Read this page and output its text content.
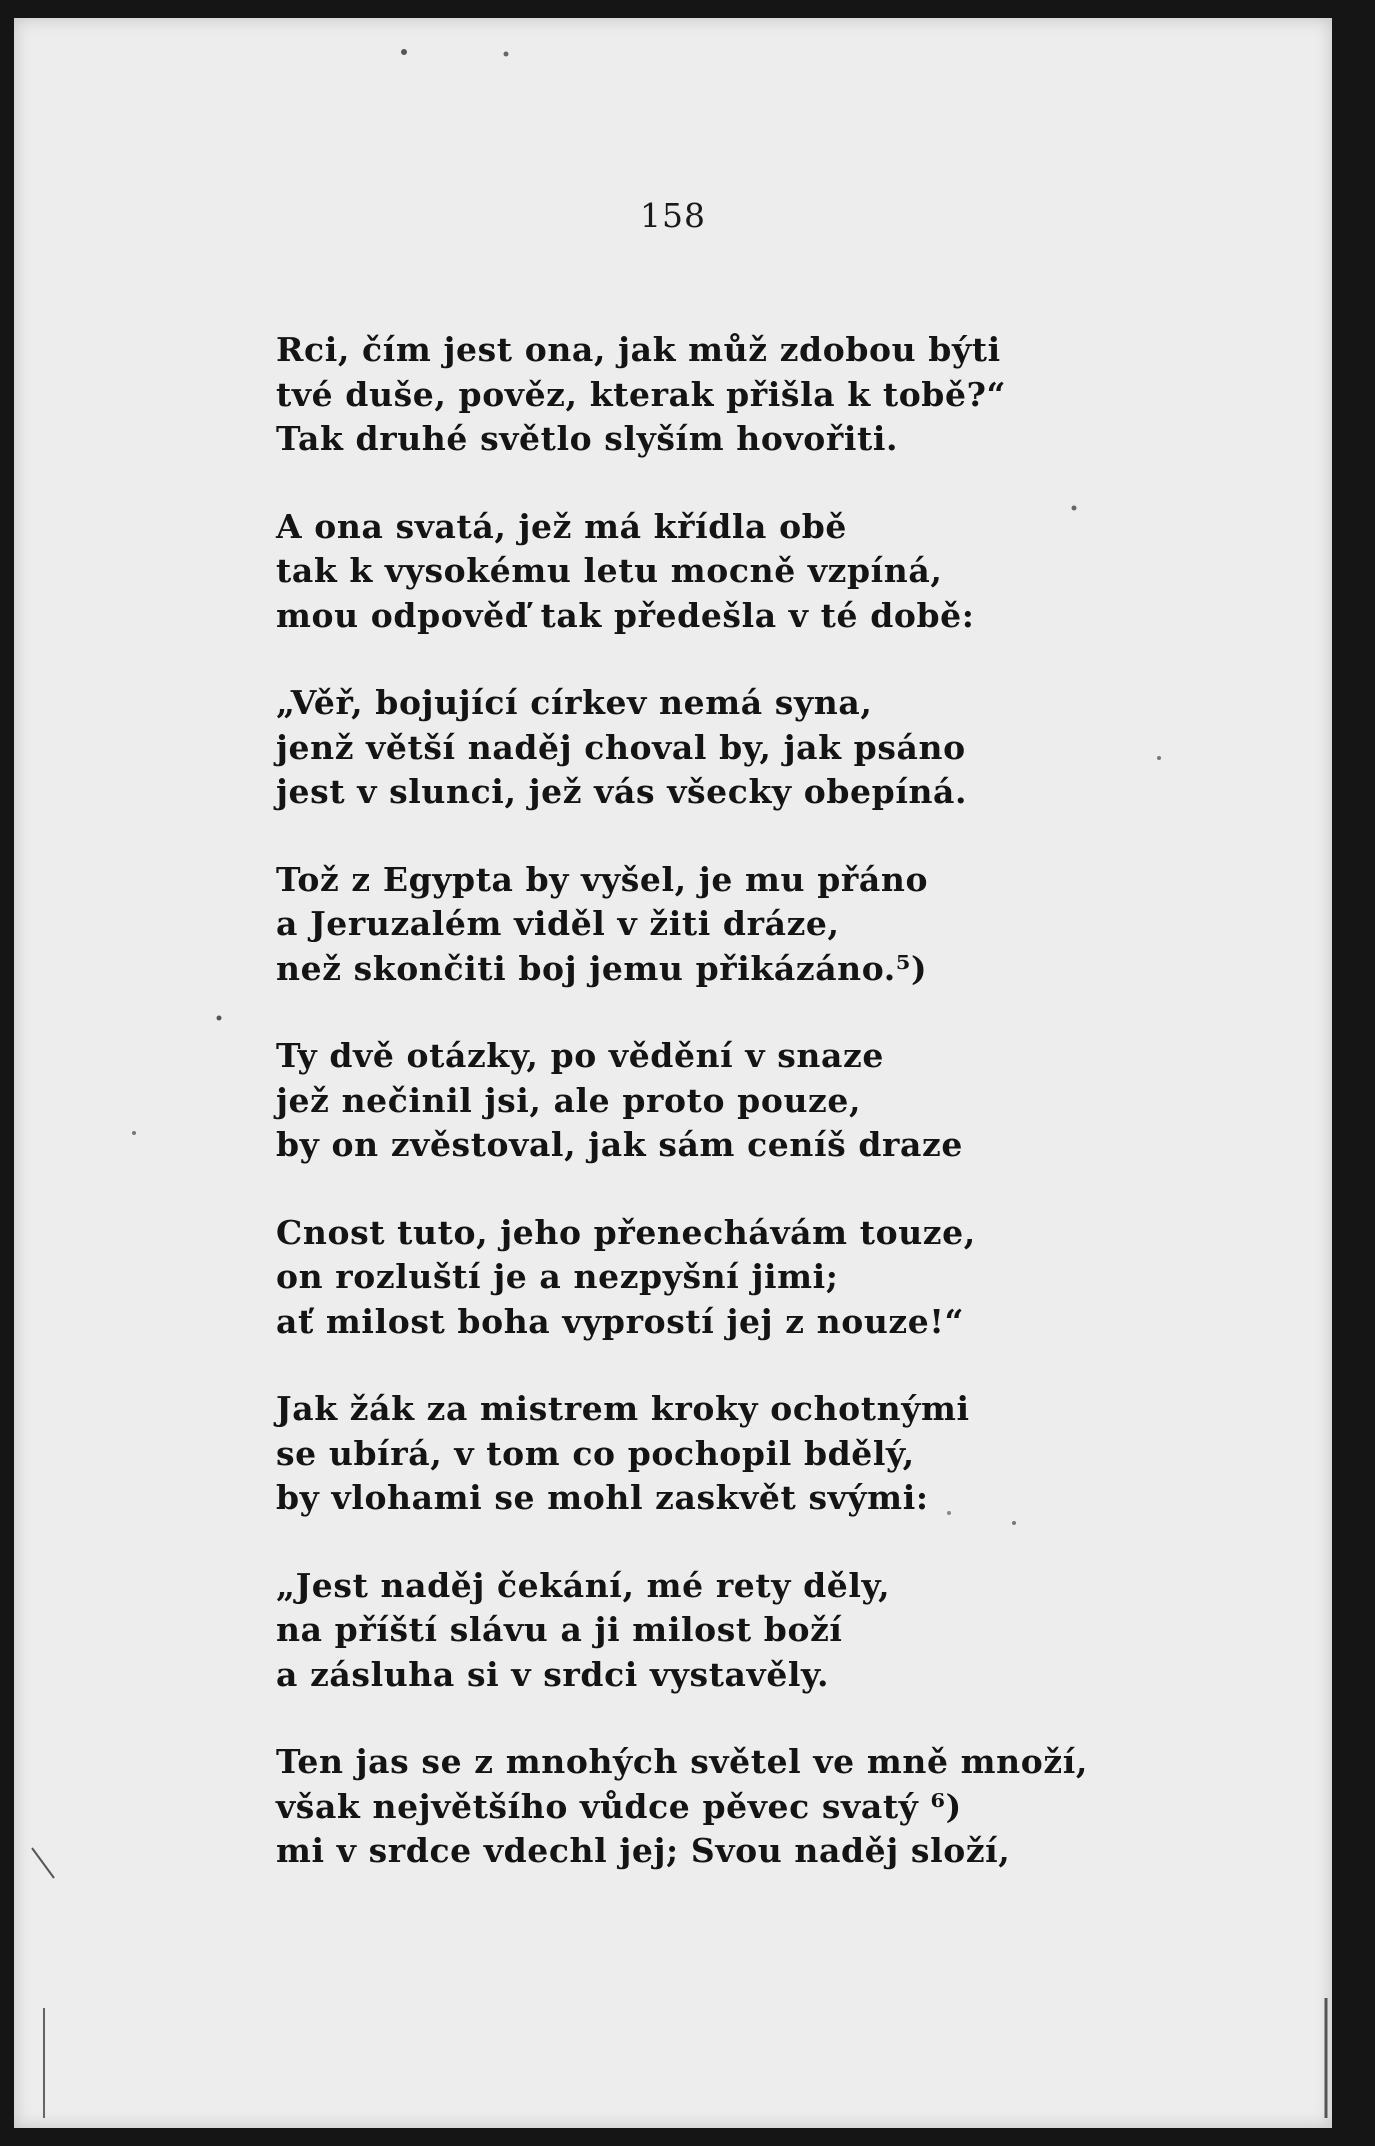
158
Rci, čím jest ona, jak můž zdobou býti
tvé duše, pověz, kterak přišla k tobě?“
Tak druhé světlo slyším hovořiti.
A ona svatá, jež má křídla obě
tak k vysokému letu mocně vzpíná,
mou odpověď tak předešla v té době:
„Věř, bojující církev nemá syna,
jenž větší naděj choval by, jak psáno
jest v slunci, jež vás všecky obepíná.
Tož z Egypta by vyšel, je mu přáno
a Jeruzalém viděl v žiti dráze,
než skončiti boj jemu přikázáno.⁵)
Ty dvě otázky, po vědění v snaze
jež nečinil jsi, ale proto pouze,
by on zvěstoval, jak sám ceníš draze
Cnost tuto, jeho přenechávám touze,
on rozluští je a nezpyšní jimi;
ať milost boha vyprostí jej z nouze!“
Jak žák za mistrem kroky ochotnými
se ubírá, v tom co pochopil bdělý,
by vlohami se mohl zaskvět svými:
„Jest naděj čekání, mé rety děly,
na příští slávu a ji milost boží
a zásluha si v srdci vystavěly.
Ten jas se z mnohých světel ve mně množí,
však největšího vůdce pěvec svatý ⁶)
mi v srdce vdechl jej; Svou naděj složí,
